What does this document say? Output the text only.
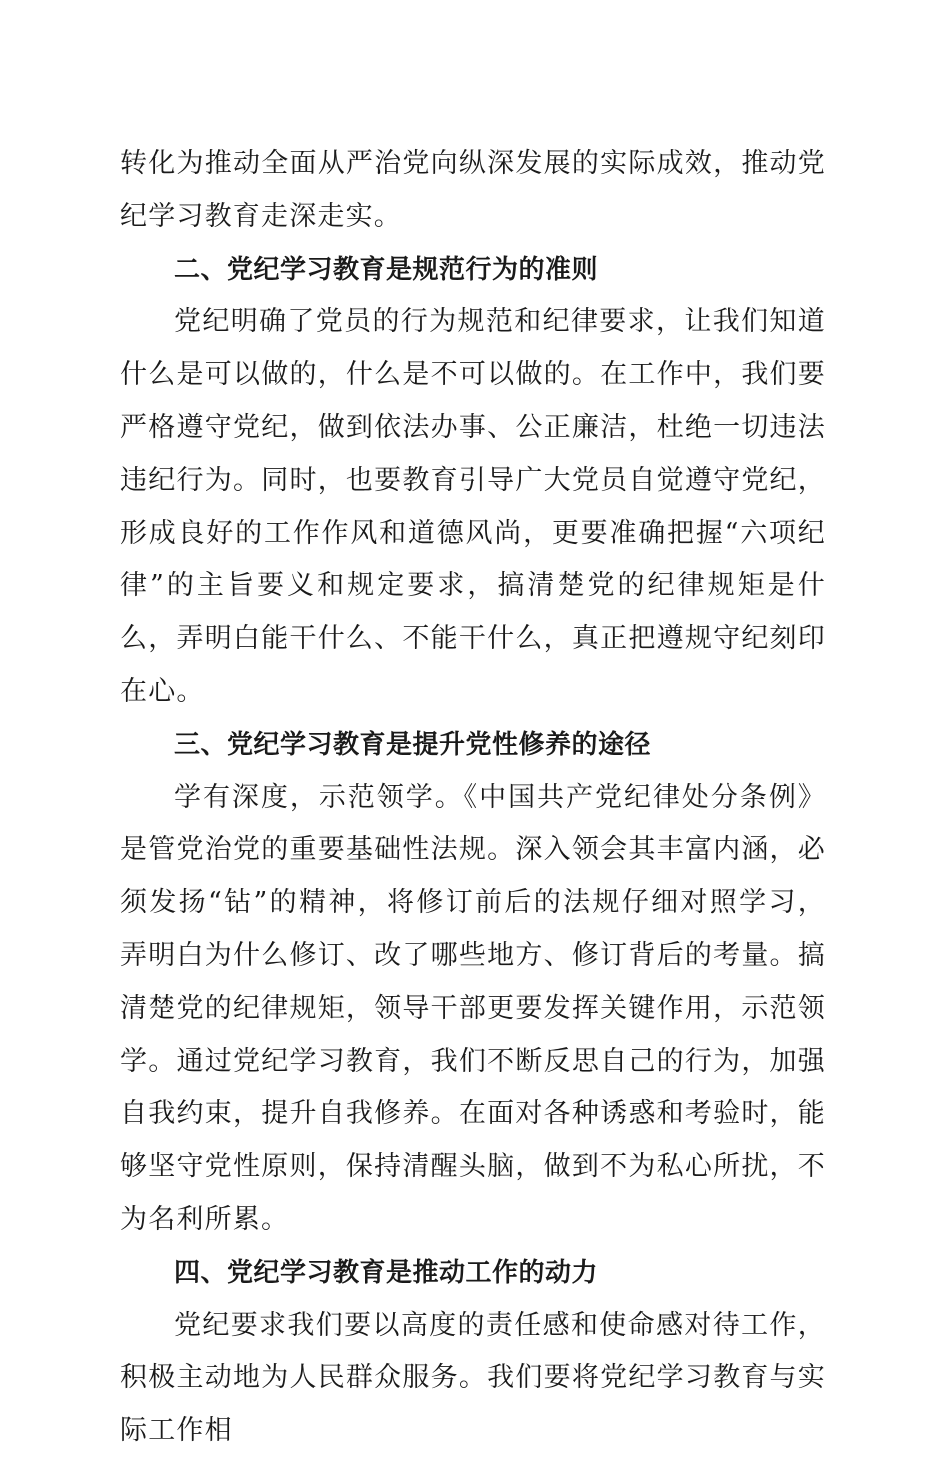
转化为推动全面从严治党向纵深发展的实际成效，推动党纪学习教育走深走实。

二、党纪学习教育是规范行为的准则

党纪明确了党员的行为规范和纪律要求，让我们知道什么是可以做的，什么是不可以做的。在工作中，我们要严格遵守党纪，做到依法办事、公正廉洁，杜绝一切违法违纪行为。同时，也要教育引导广大党员自觉遵守党纪，形成良好的工作作风和道德风尚，更要准确把握“六项纪律”的主旨要义和规定要求，搞清楚党的纪律规矩是什么，弄明白能干什么、不能干什么，真正把遵规守纪刻印在心。

三、党纪学习教育是提升党性修养的途径

学有深度，示范领学。《中国共产党纪律处分条例》是管党治党的重要基础性法规。深入领会其丰富内涵，必须发扬“钻”的精神，将修订前后的法规仔细对照学习，弄明白为什么修订、改了哪些地方、修订背后的考量。搞清楚党的纪律规矩，领导干部更要发挥关键作用，示范领学。通过党纪学习教育，我们不断反思自己的行为，加强自我约束，提升自我修养。在面对各种诱惑和考验时，能够坚守党性原则，保持清醒头脑，做到不为私心所扰，不为名利所累。

四、党纪学习教育是推动工作的动力

党纪要求我们要以高度的责任感和使命感对待工作，积极主动地为人民群众服务。我们要将党纪学习教育与实际工作相
